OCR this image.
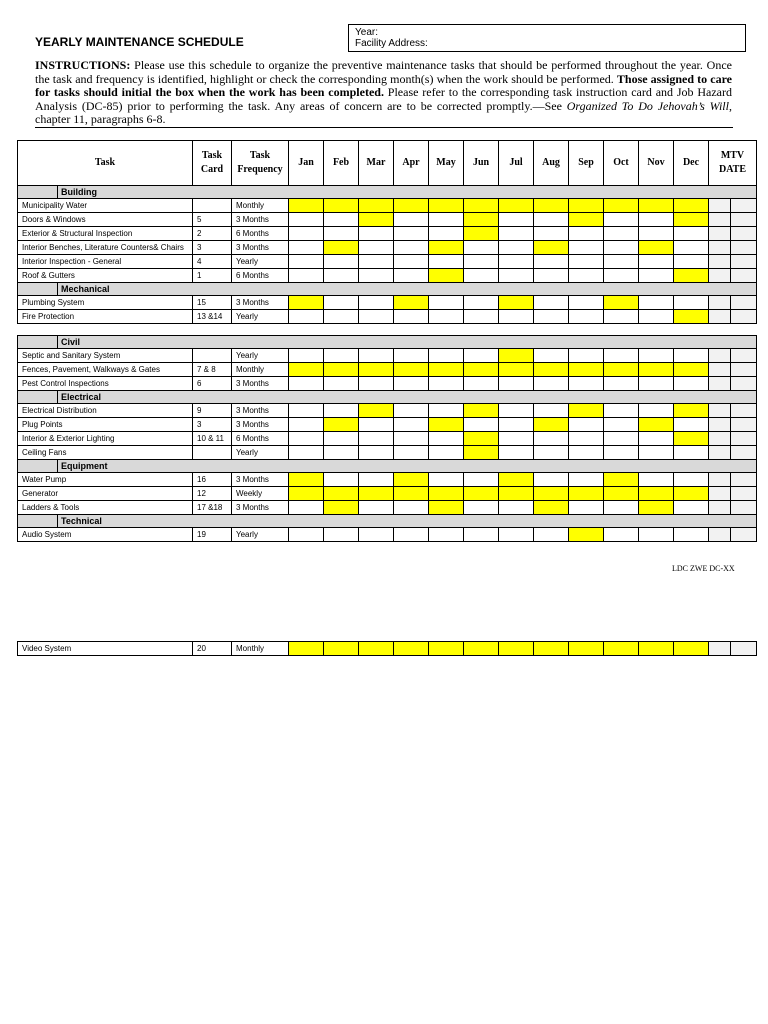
YEARLY MAINTENANCE SCHEDULE
Year:
Facility Address:

INSTRUCTIONS: Please use this schedule to organize the preventive maintenance tasks that should be performed throughout the year. Once the task and frequency is identified, highlight or check the corresponding month(s) when the work should be performed. Those assigned to care for tasks should initial the box when the work has been completed. Please refer to the corresponding task instruction card and Job Hazard Analysis (DC-85) prior to performing the task. Any areas of concern are to be corrected promptly.—See Organized To Do Jehovah’s Will, chapter 11, paragraphs 6-8.

Task		Task Card	Task Frequency	Jan	Feb	Mar	Apr	May	Jun	Jul	Aug	Sep	Oct	Nov	Dec	MTV DATE	
	Building																
Municipality Water			Monthly														
Doors & Windows		5	3 Months														
Exterior & Structural Inspection		2	6 Months														
Interior Benches, Literature Counters& Chairs		3	3 Months														
Interior Inspection - General		4	Yearly														
Roof & Gutters		1	6 Months														
	Mechanical																
Plumbing System		15	3 Months														
Fire Protection		13 &14	Yearly														
	Civil																
Septic and Sanitary System			Yearly														
Fences, Pavement, Walkways & Gates		7 & 8	Monthly														
Pest Control Inspections		6	3 Months														
	Electrical																
Electrical Distribution		9	3 Months														
Plug Points		3	3 Months														
Interior & Exterior Lighting		10 & 11	6 Months														
Ceiling Fans			Yearly														
	Equipment																
Water Pump		16	3 Months														
Generator		12	Weekly														
Ladders & Tools		17 &18	3 Months														
	Technical																
Audio System		19	Yearly														
LDC ZWE DC-XX
Video System	20	Monthly														
